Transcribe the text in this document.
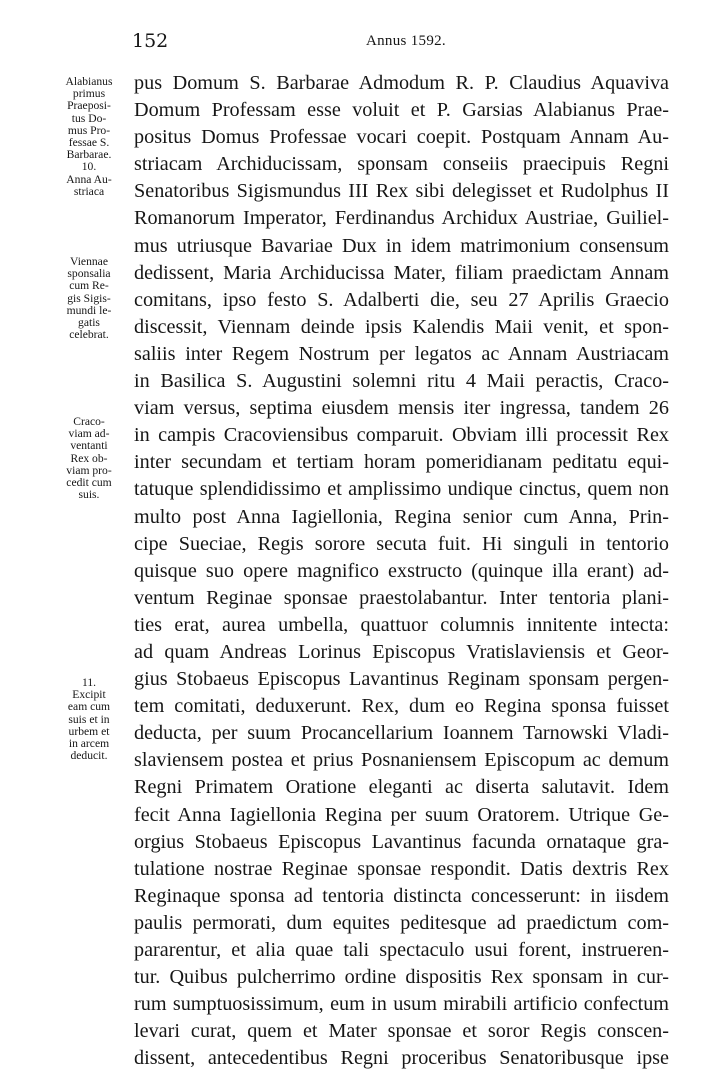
152	Annus 1592.
Alabianus
primus
Praeposi-
tus Do-
mus Pro-
fessae S.
Barbarae.
10.
Anna Au-
striaca
Viennae
sponsalia
cum Re-
gis Sigis-
mundi le-
gatis
celebrat.
Craco-
viam ad-
ventanti
Rex ob-
viam pro-
cedit cum
suis.
11.
Excipit
eam cum
suis et in
urbem et
in arcem
deducit.
pus Domum S. Barbarae Admodum R. P. Claudius Aquaviva
Domum Professam esse voluit et P. Garsias Alabianus Prae-
positus Domus Professae vocari coepit. Postquam Annam Au-
striacam Archiducissam, sponsam conseiis praecipuis Regni
Senatoribus Sigismundus III Rex sibi delegisset et Rudolphus II
Romanorum Imperator, Ferdinandus Archidux Austriae, Guiliel-
mus utriusque Bavariae Dux in idem matrimonium consensum
dedissent, Maria Archiducissa Mater, filiam praedictam Annam
comitans, ipso festo S. Adalberti die, seu 27 Aprilis Graecio
discessit, Viennam deinde ipsis Kalendis Maii venit, et spon-
saliis inter Regem Nostrum per legatos ac Annam Austriacam
in Basilica S. Augustini solemni ritu 4 Maii peractis, Craco-
viam versus, septima eiusdem mensis iter ingressa, tandem 26
in campis Cracoviensibus comparuit. Obviam illi processit Rex
inter secundam et tertiam horam pomeridianam peditatu equi-
tatuque splendidissimo et amplissimo undique cinctus, quem non
multo post Anna Iagiellonia, Regina senior cum Anna, Prin-
cipe Sueciae, Regis sorore secuta fuit. Hi singuli in tentorio
quisque suo opere magnifico exstructo (quinque illa erant) ad-
ventum Reginae sponsae praestolabantur. Inter tentoria plani-
ties erat, aurea umbella, quattuor columnis innitente intecta:
ad quam Andreas Lorinus Episcopus Vratislaviensis et Geor-
gius Stobaeus Episcopus Lavantinus Reginam sponsam pergen-
tem comitati, deduxerunt. Rex, dum eo Regina sponsa fuisset
deducta, per suum Procancellarium Ioannem Tarnowski Vladi-
slaviensem postea et prius Posnaniensem Episcopum ac demum
Regni Primatem Oratione eleganti ac diserta salutavit. Idem
fecit Anna Iagiellonia Regina per suum Oratorem. Utrique Ge-
orgius Stobaeus Episcopus Lavantinus facunda ornataque gra-
tulatione nostrae Reginae sponsae respondit. Datis dextris Rex
Reginaque sponsa ad tentoria distincta concesserunt: in iisdem
paulis permorati, dum equites peditesque ad praedictum com-
pararentur, et alia quae tali spectaculo usui forent, instrueren-
tur. Quibus pulcherrimo ordine dispositis Rex sponsam in cur-
rum sumptuosissimum, eum in usum mirabili artificio confectum
levari curat, quem et Mater sponsae et soror Regis conscen-
dissent, antecedentibus Regni proceribus Senatoribusque ipse
